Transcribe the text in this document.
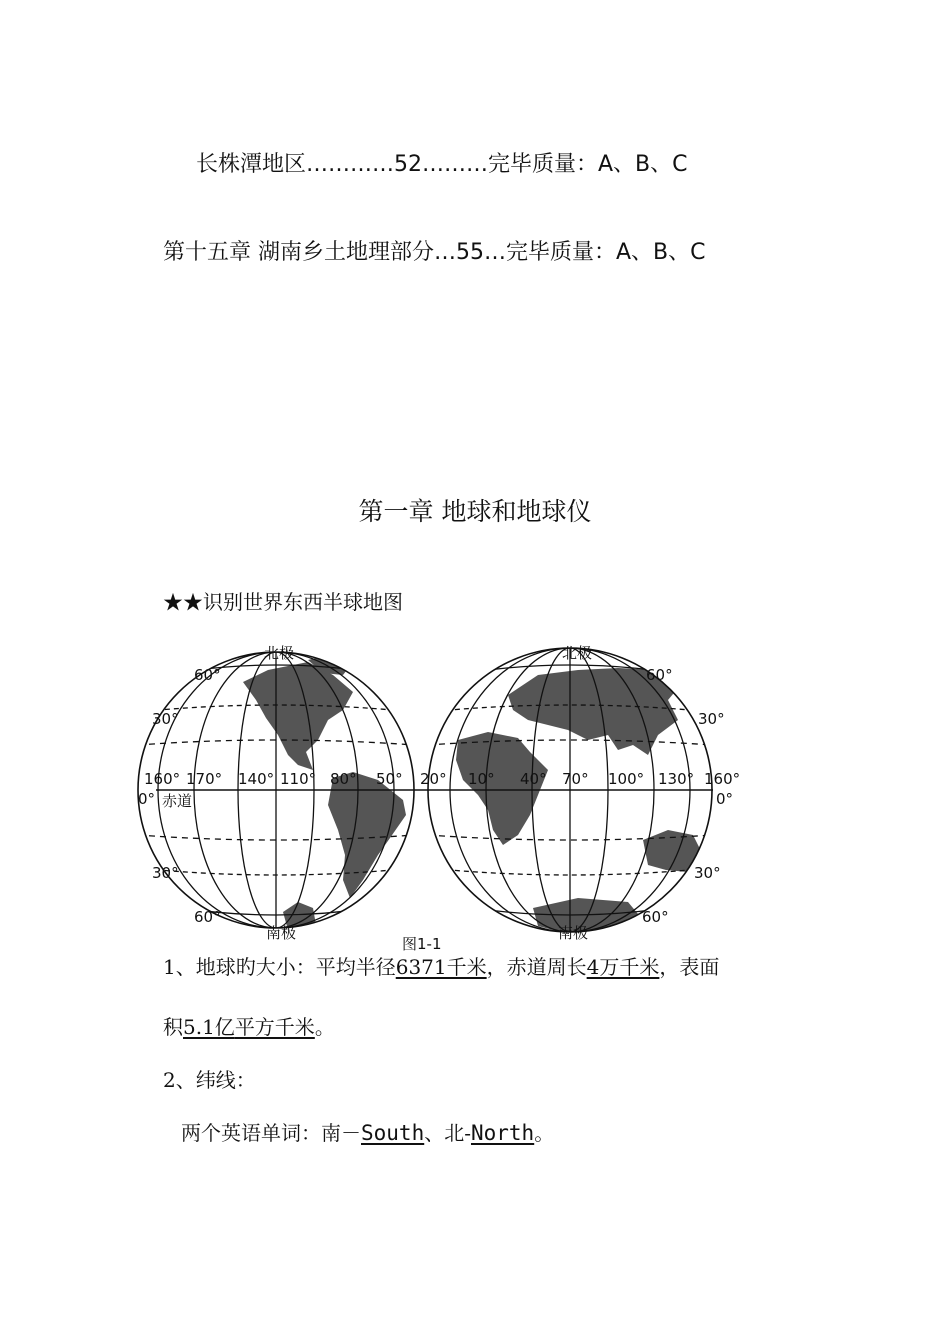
长株潭地区…………52………完毕质量：A、B、C
第十五章 湖南乡土地理部分…55…完毕质量：A、B、C
第一章 地球和地球仪
★★识别世界东西半球地图
北极	北极
南极	南极
赤道
60°
30°
0°
30°
60°
60°
30°
0°
30°
60°
160° 170° 140° 110° 80° 50° 20° 10° 40° 70° 100° 130° 160°
图1-1
1、地球旳大小：平均半径6371千米，赤道周长4万千米，表面
积5.1亿平方千米。
2、纬线：
两个英语单词：南－South、北-North。
